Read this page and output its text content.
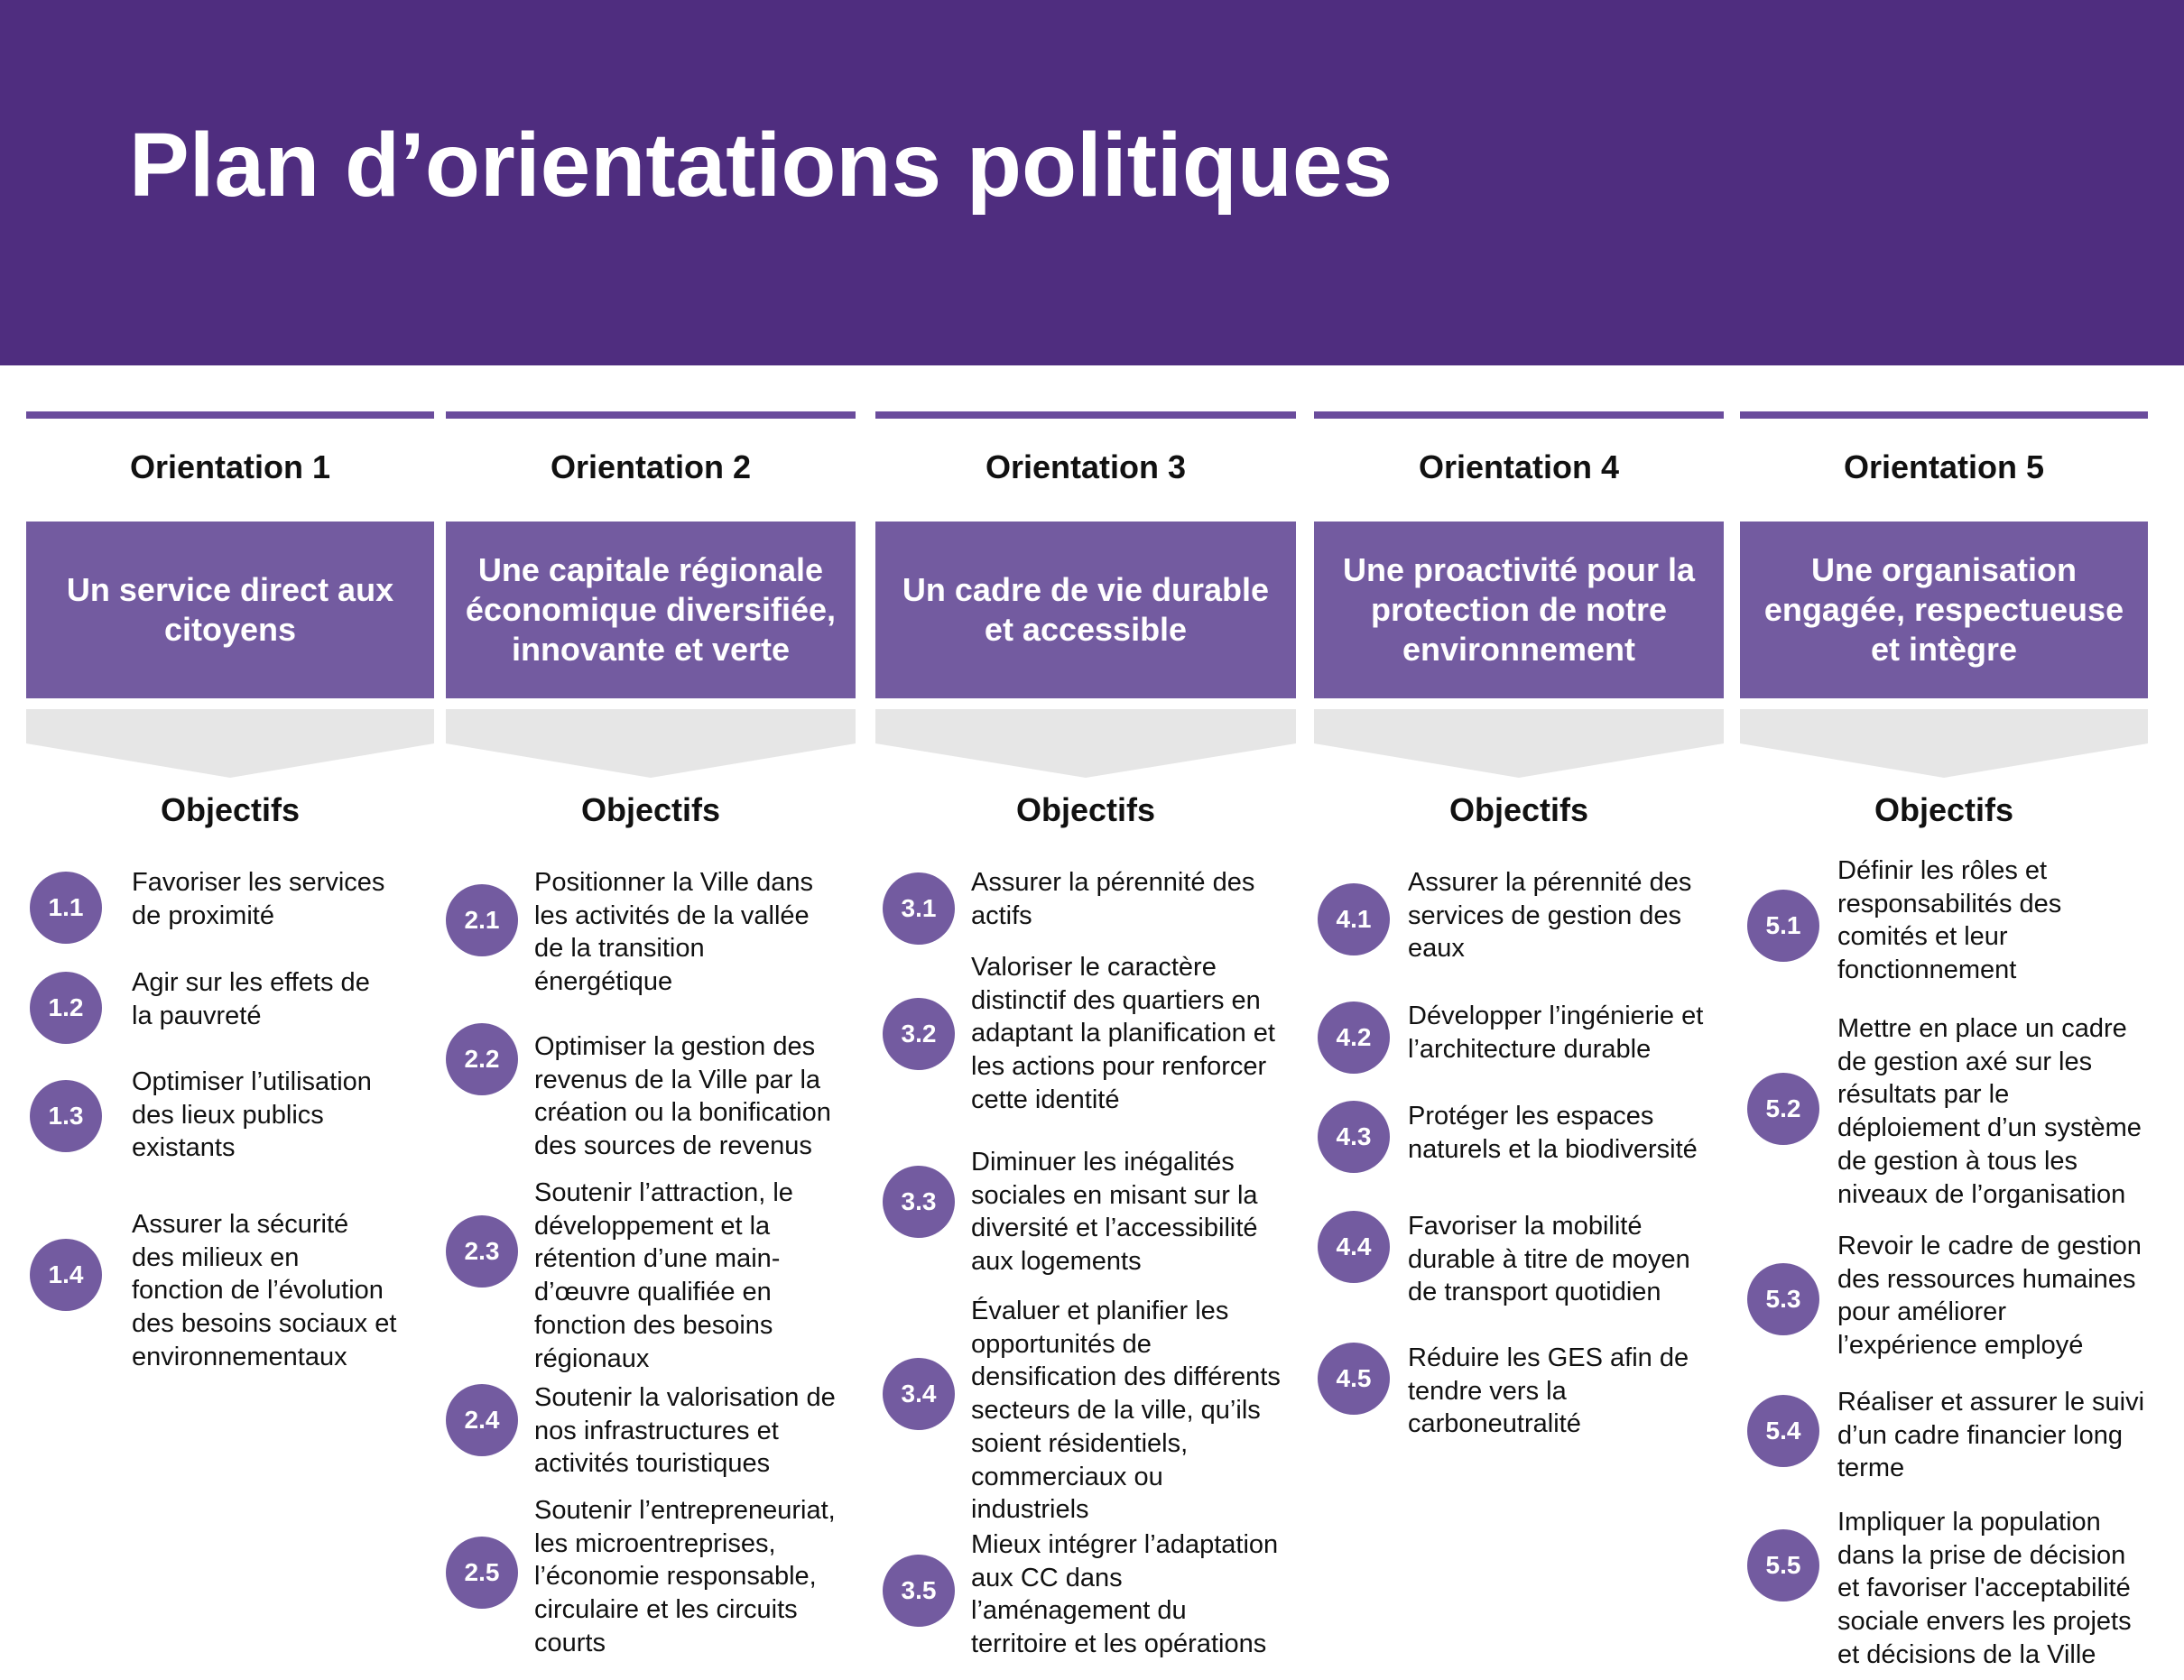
Plan d’orientations politiques
Orientation 1
Un service direct aux citoyens
Objectifs
1.1
Favoriser les services
de proximité
1.2
Agir sur les effets de
la pauvreté
1.3
Optimiser l’utilisation
des lieux publics
existants
1.4
Assurer la sécurité
des milieux en
fonction de l’évolution
des besoins sociaux et
environnementaux
Orientation 2
Une capitale régionale économique diversifiée, innovante et verte
Objectifs
2.1
Positionner la Ville dans
les activités de la vallée
de la transition
énergétique
2.2	Optimiser la gestion des
revenus de la Ville par la
création ou la bonification
des sources de revenus
2.3
Soutenir l’attraction, le
développement et la
rétention d’une main-
d’œuvre qualifiée en
fonction des besoins
régionaux
2.4
Soutenir la valorisation de
nos infrastructures et
activités touristiques
2.5
Soutenir l’entrepreneuriat,
les microentreprises,
l’économie responsable,
circulaire et les circuits
courts
Orientation 3
Un cadre de vie durable et accessible
Objectifs
3.1
Assurer la pérennité des
actifs
3.2
Valoriser le caractère
distinctif des quartiers en
adaptant la planification et
les actions pour renforcer
cette identité
3.3
Diminuer les inégalités
sociales en misant sur la
diversité et l’accessibilité
aux logements
3.4
Évaluer et planifier les
opportunités de
densification des différents
secteurs de la ville, qu’ils
soient résidentiels,
commerciaux ou
industriels
3.5
Mieux intégrer l’adaptation
aux CC dans
l’aménagement du
territoire et les opérations
Orientation 4
Une proactivité pour la protection de notre environnement
Objectifs
4.1
Assurer la pérennité des
services de gestion des
eaux
4.2
Développer l’ingénierie et
l’architecture durable
4.3
Protéger les espaces
naturels et la biodiversité
4.4
Favoriser la mobilité
durable à titre de moyen
de transport quotidien
4.5
Réduire les GES afin de
tendre vers la
carboneutralité
Orientation 5
Une organisation engagée, respectueuse et intègre
Objectifs
5.1
Définir les rôles et
responsabilités des
comités et leur
fonctionnement
5.2
Mettre en place un cadre
de gestion axé sur les
résultats par le
déploiement d’un système
de gestion à tous les
niveaux de l’organisation
5.3
Revoir le cadre de gestion
des ressources humaines
pour améliorer
l’expérience employé
5.4
Réaliser et assurer le suivi
d’un cadre financier long
terme
5.5
Impliquer la population
dans la prise de décision
et favoriser l'acceptabilité
sociale envers les projets
et décisions de la Ville
